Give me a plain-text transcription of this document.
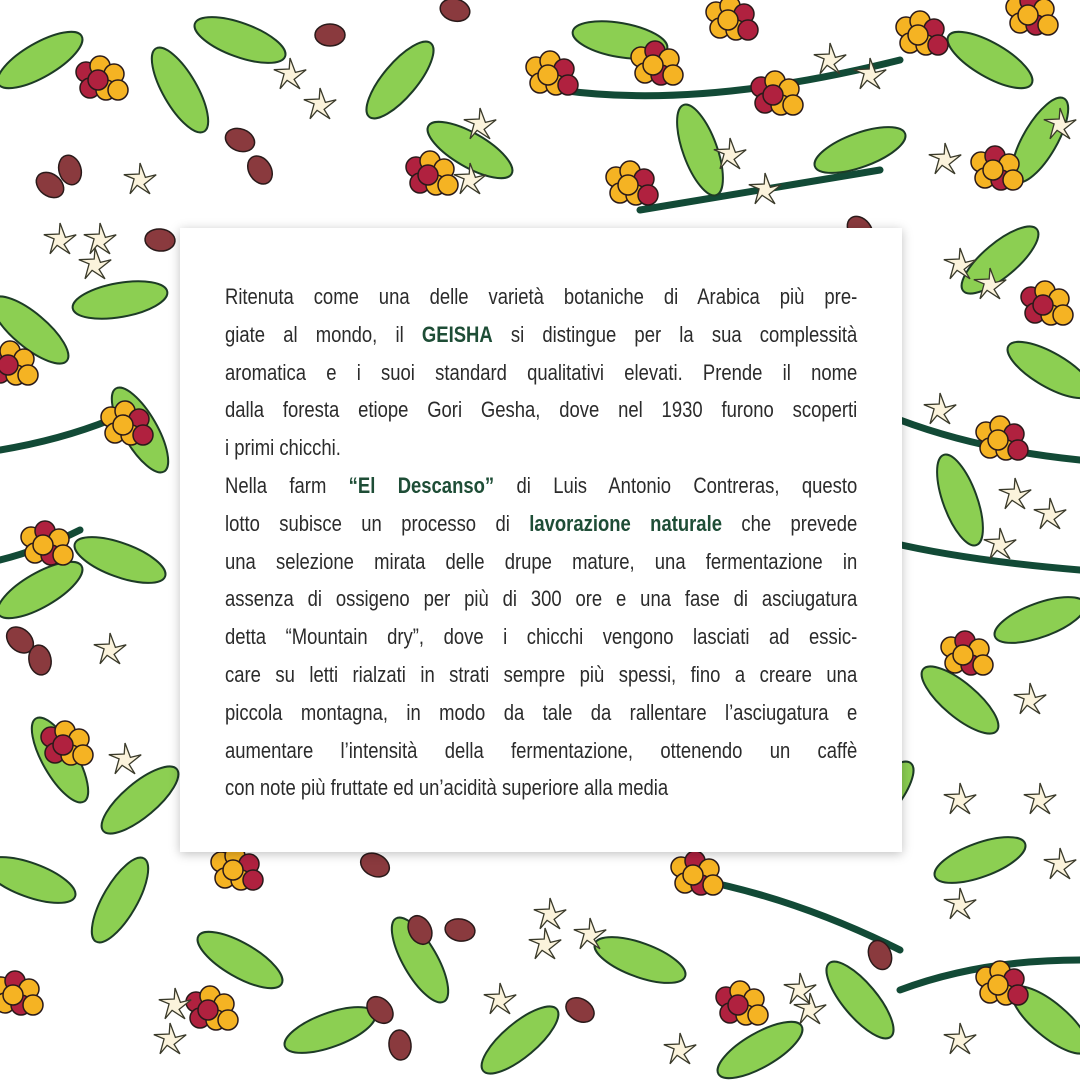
Ritenuta come una delle varietà botaniche di Arabica più pre-
giate al mondo, il GEISHA si distingue per la sua complessità
aromatica e i suoi standard qualitativi elevati. Prende il nome
dalla foresta etiope Gori Gesha, dove nel 1930 furono scoperti
i primi chicchi.
Nella farm “El Descanso” di Luis Antonio Contreras, questo
lotto subisce un processo di lavorazione naturale che prevede
una selezione mirata delle drupe mature, una fermentazione in
assenza di ossigeno per più di 300 ore e una fase di asciugatura
detta “Mountain dry”, dove i chicchi vengono lasciati ad essic-
care su letti rialzati in strati sempre più spessi, fino a creare una
piccola montagna, in modo da tale da rallentare l’asciugatura e
aumentare l’intensità della fermentazione, ottenendo un caffè
con note più fruttate ed un’acidità superiore alla media
